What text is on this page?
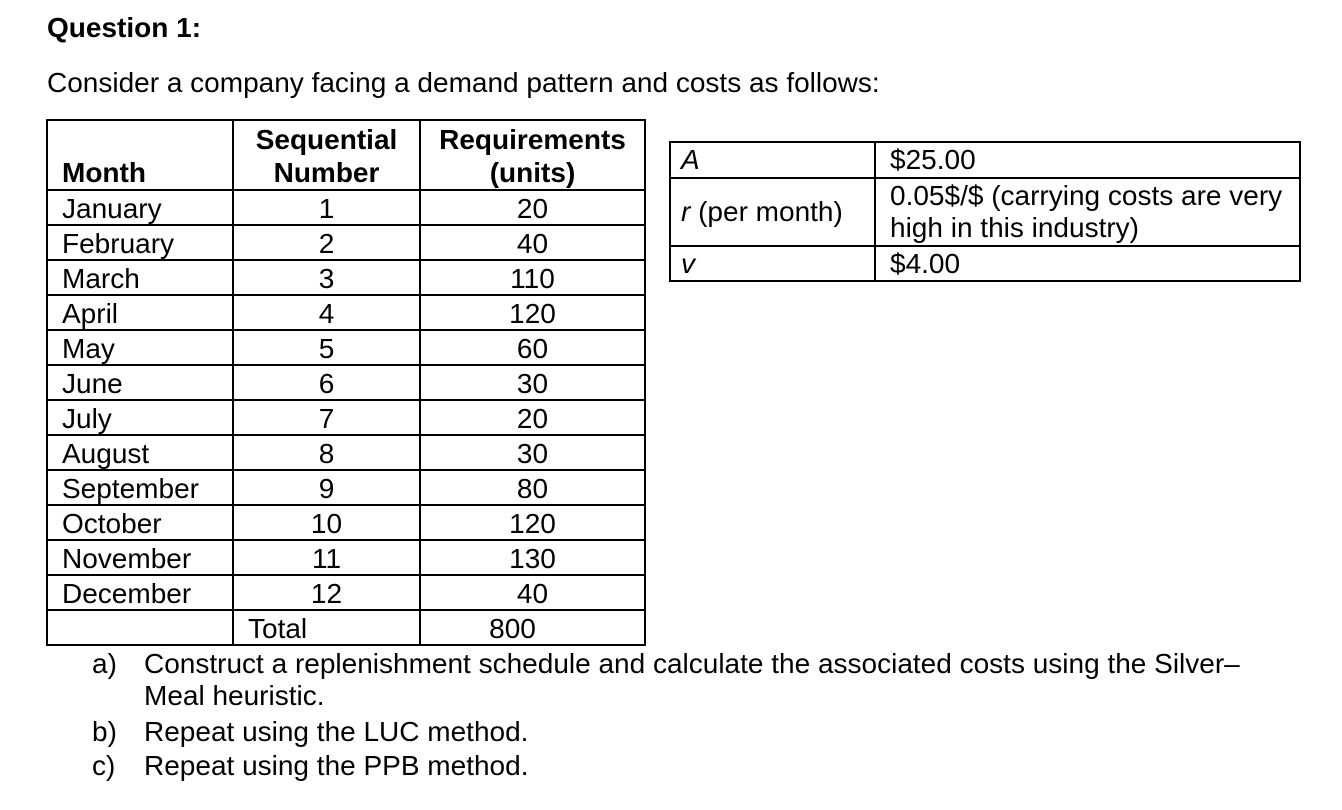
Question 1:

Consider a company facing a demand pattern and costs as follows:

Month	Sequential Number	Requirements (units)
January	1	20
February	2	40
March	3	110
April	4	120
May	5	60
June	6	30
July	7	20
August	8	30
September	9	80
October	10	120
November	11	130
December	12	40
	Total	800
A	$25.00
r (per month)	0.05$/$ (carrying costs are very high in this industry)
v	$4.00
a) Construct a replenishment schedule and calculate the associated costs using the Silver–Meal heuristic.
b) Repeat using the LUC method.
c) Repeat using the PPB method.
